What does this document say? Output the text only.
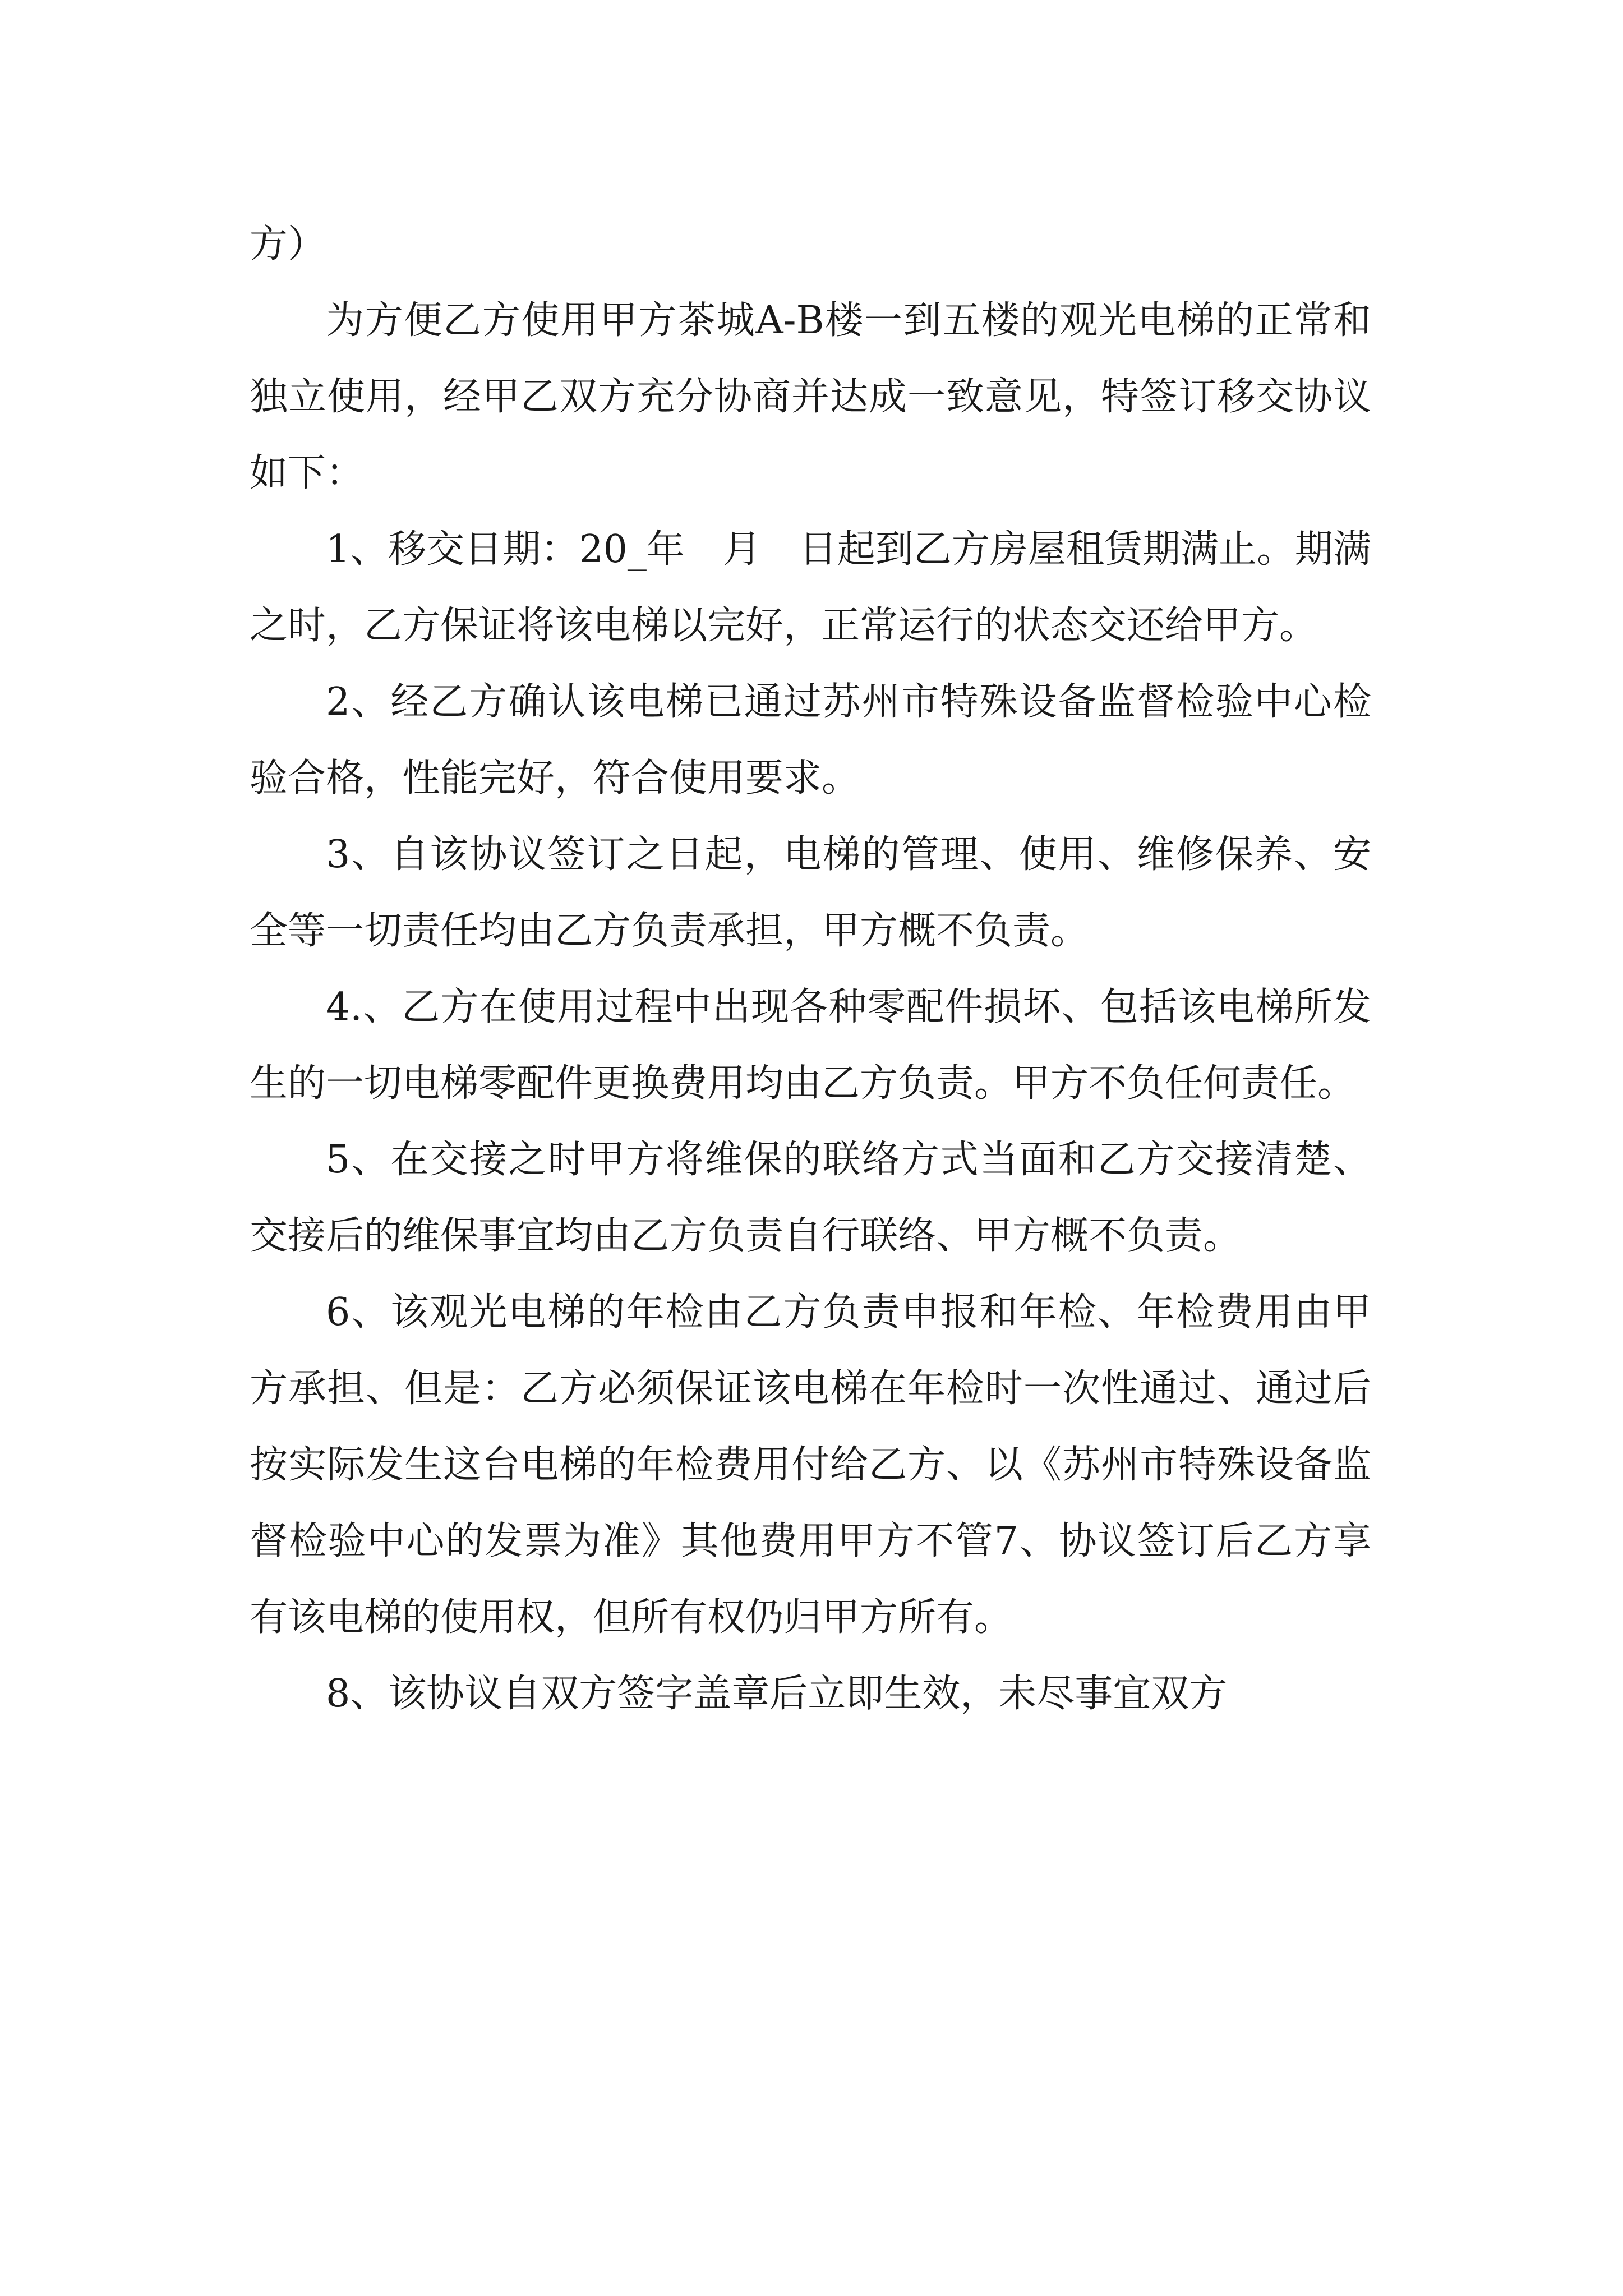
方）

为方便乙方使用甲方茶城A-B楼一到五楼的观光电梯的正常和独立使用，经甲乙双方充分协商并达成一致意见，特签订移交协议如下：

1、移交日期：20_年　月　日起到乙方房屋租赁期满止。期满之时，乙方保证将该电梯以完好，正常运行的状态交还给甲方。

2、经乙方确认该电梯已通过苏州市特殊设备监督检验中心检验合格，性能完好，符合使用要求。

3、自该协议签订之日起，电梯的管理、使用、维修保养、安全等一切责任均由乙方负责承担，甲方概不负责。

4.、乙方在使用过程中出现各种零配件损坏、包括该电梯所发生的一切电梯零配件更换费用均由乙方负责。甲方不负任何责任。

5、在交接之时甲方将维保的联络方式当面和乙方交接清楚、交接后的维保事宜均由乙方负责自行联络、甲方概不负责。

6、该观光电梯的年检由乙方负责申报和年检、年检费用由甲方承担、但是：乙方必须保证该电梯在年检时一次性通过、通过后按实际发生这台电梯的年检费用付给乙方、以《苏州市特殊设备监督检验中心的发票为准》其他费用甲方不管7、协议签订后乙方享有该电梯的使用权，但所有权仍归甲方所有。

8、该协议自双方签字盖章后立即生效，未尽事宜双方
